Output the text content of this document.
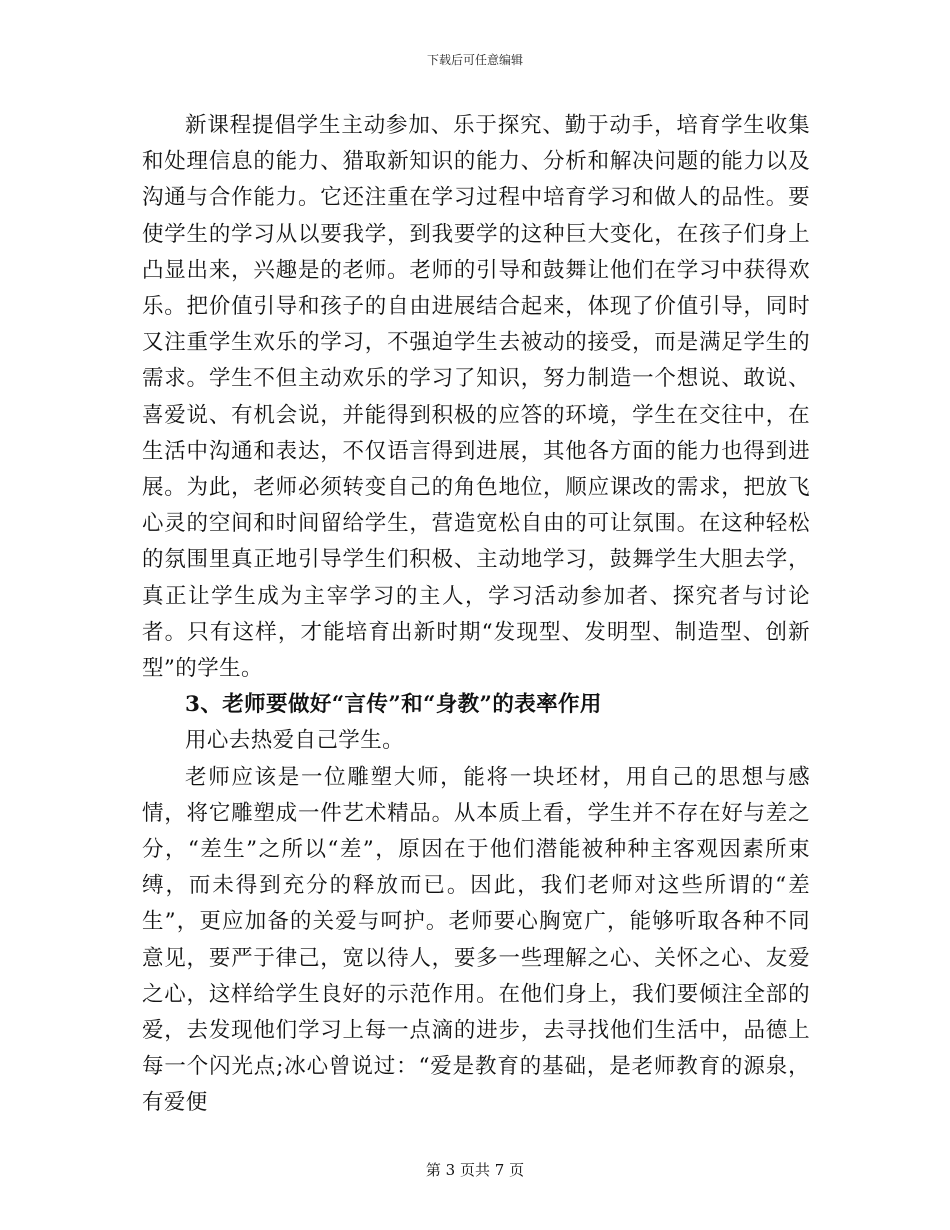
下载后可任意编辑

新课程提倡学生主动参加、乐于探究、勤于动手，培育学生收集和处理信息的能力、猎取新知识的能力、分析和解决问题的能力以及沟通与合作能力。它还注重在学习过程中培育学习和做人的品性。要使学生的学习从以要我学，到我要学的这种巨大变化，在孩子们身上凸显出来，兴趣是的老师。老师的引导和鼓舞让他们在学习中获得欢乐。把价值引导和孩子的自由进展结合起来，体现了价值引导，同时又注重学生欢乐的学习，不强迫学生去被动的接受，而是满足学生的需求。学生不但主动欢乐的学习了知识，努力制造一个想说、敢说、喜爱说、有机会说，并能得到积极的应答的环境，学生在交往中，在生活中沟通和表达，不仅语言得到进展，其他各方面的能力也得到进展。为此，老师必须转变自己的角色地位，顺应课改的需求，把放飞心灵的空间和时间留给学生，营造宽松自由的可让氛围。在这种轻松的氛围里真正地引导学生们积极、主动地学习，鼓舞学生大胆去学，真正让学生成为主宰学习的主人，学习活动参加者、探究者与讨论者。只有这样，才能培育出新时期“发现型、发明型、制造型、创新型”的学生。

3、老师要做好“言传”和“身教”的表率作用

用心去热爱自己学生。

老师应该是一位雕塑大师，能将一块坯材，用自己的思想与感情，将它雕塑成一件艺术精品。从本质上看，学生并不存在好与差之分，“差生”之所以“差”，原因在于他们潜能被种种主客观因素所束缚，而未得到充分的释放而已。因此，我们老师对这些所谓的“差生”，更应加备的关爱与呵护。老师要心胸宽广，能够听取各种不同意见，要严于律己，宽以待人，要多一些理解之心、关怀之心、友爱之心，这样给学生良好的示范作用。在他们身上，我们要倾注全部的爱，去发现他们学习上每一点滴的进步，去寻找他们生活中，品德上每一个闪光点;冰心曾说过：“爱是教育的基础，是老师教育的源泉，有爱便

第 3 页共 7 页
